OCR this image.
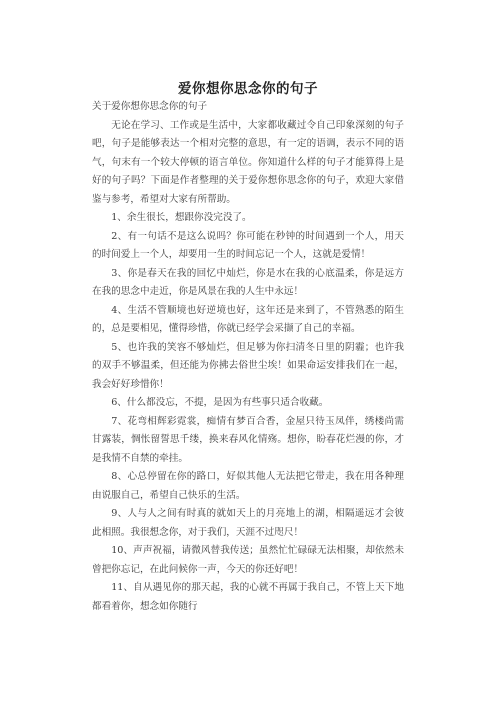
爱你想你思念你的句子

关于爱你想你思念你的句子

无论在学习、工作或是生活中，大家都收藏过令自己印象深刻的句子吧，句子是能够表达一个相对完整的意思，有一定的语调，表示不同的语气，句末有一个较大停顿的语言单位。你知道什么样的句子才能算得上是好的句子吗？下面是作者整理的关于爱你想你思念你的句子，欢迎大家借鉴与参考，希望对大家有所帮助。

1、余生很长，想跟你没完没了。

2、有一句话不是这么说吗？你可能在秒钟的时间遇到一个人，用天的时间爱上一个人，却要用一生的时间忘记一个人，这就是爱情！

3、你是春天在我的回忆中灿烂，你是水在我的心底温柔，你是远方在我的思念中走近，你是风景在我的人生中永远！

4、生活不管顺境也好逆境也好，这年还是来到了，不管熟悉的陌生的，总是要相见，懂得珍惜，你就已经学会采撷了自己的幸福。

5、也许我的笑容不够灿烂，但足够为你扫清冬日里的阴霾；也许我的双手不够温柔，但还能为你拂去俗世尘埃！如果命运安排我们在一起，我会好好珍惜你！

6、什么都没忘，不提，是因为有些事只适合收藏。

7、花弯相辉彩霓裳，痴情有梦百合香，金屋只待玉凤伴，绣楼尚需甘露装，惆怅留誓思千缕，换来春风化情殇。想你，盼春花烂漫的你，才是我情不自禁的牵挂。

8、心总停留在你的路口，好似其他人无法把它带走，我在用各种理由说服自己，希望自己快乐的生活。

9、人与人之间有时真的就如天上的月亮地上的湖，相隔遥远才会彼此相照。我很想念你，对于我们，天涯不过咫尺！

10、声声祝福，请微风替我传送；虽然忙忙碌碌无法相聚，却依然未曾把你忘记，在此问候你一声，今天的你还好吧！

11、自从遇见你的那天起，我的心就不再属于我自己，不管上天下地都看着你，想念如你随行
